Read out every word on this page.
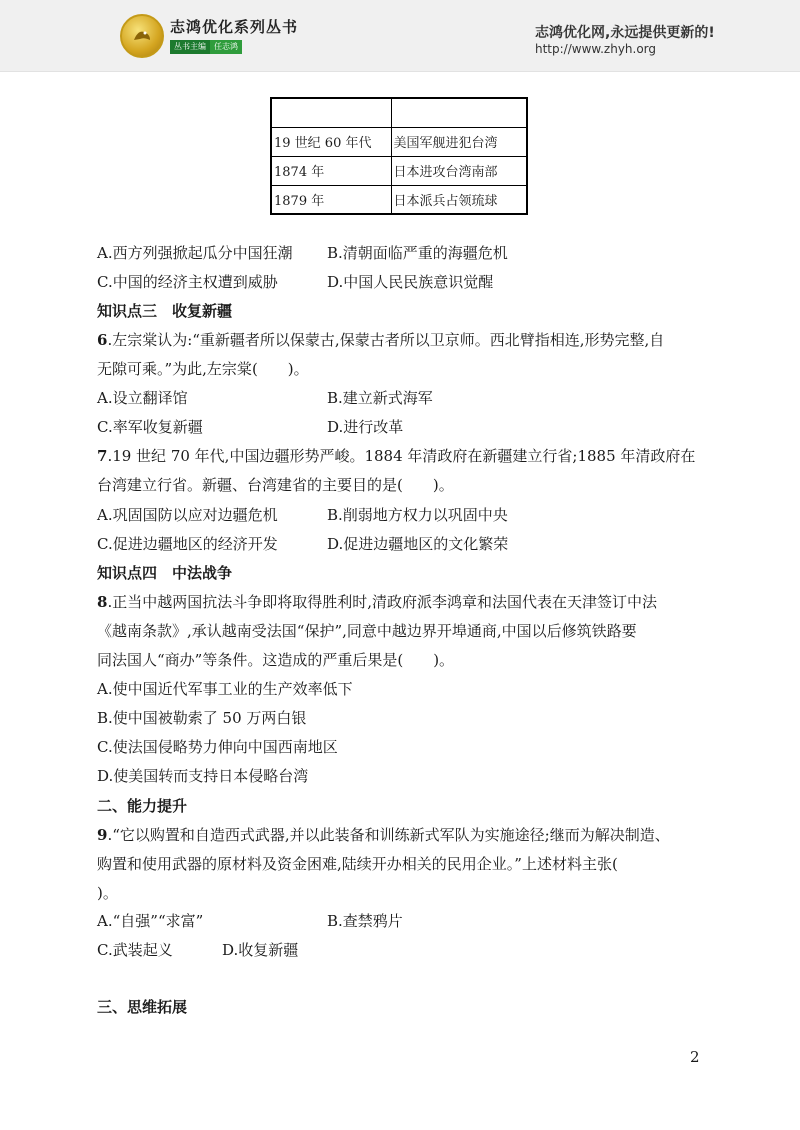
志鸿优化系列丛书
丛书主编	任志鸿
志鸿优化网,永远提供更新的!
http://www.zhyh.org

19 世纪 60 年代	美国军舰进犯台湾
1874 年	日本进攻台湾南部
1879 年	日本派兵占领琉球
A.西方列强掀起瓜分中国狂潮 B.清朝面临严重的海疆危机
C.中国的经济主权遭到威胁	D.中国人民民族意识觉醒
知识点三　收复新疆
6.左宗棠认为:“重新疆者所以保蒙古,保蒙古者所以卫京师。西北臂指相连,形势完整,自
无隙可乘。”为此,左宗棠(　　)。
A.设立翻译馆	B.建立新式海军
C.率军收复新疆	D.进行改革
7.19 世纪 70 年代,中国边疆形势严峻。1884 年清政府在新疆建立行省;1885 年清政府在
台湾建立行省。新疆、台湾建省的主要目的是(　　)。
A.巩固国防以应对边疆危机	B.削弱地方权力以巩固中央
C.促进边疆地区的经济开发	D.促进边疆地区的文化繁荣
知识点四　中法战争
8.正当中越两国抗法斗争即将取得胜利时,清政府派李鸿章和法国代表在天津签订中法
《越南条款》,承认越南受法国“保护”,同意中越边界开埠通商,中国以后修筑铁路要
同法国人“商办”等条件。这造成的严重后果是(　　)。
A.使中国近代军事工业的生产效率低下
B.使中国被勒索了 50 万两白银
C.使法国侵略势力伸向中国西南地区
D.使美国转而支持日本侵略台湾
二、能力提升
9.“它以购置和自造西式武器,并以此装备和训练新式军队为实施途径;继而为解决制造、
购置和使用武器的原材料及资金困难,陆续开办相关的民用企业。”上述材料主张(
)。
A.“自强”“求富”	B.查禁鸦片
C.武装起义	D.收复新疆
三、思维拓展
2
